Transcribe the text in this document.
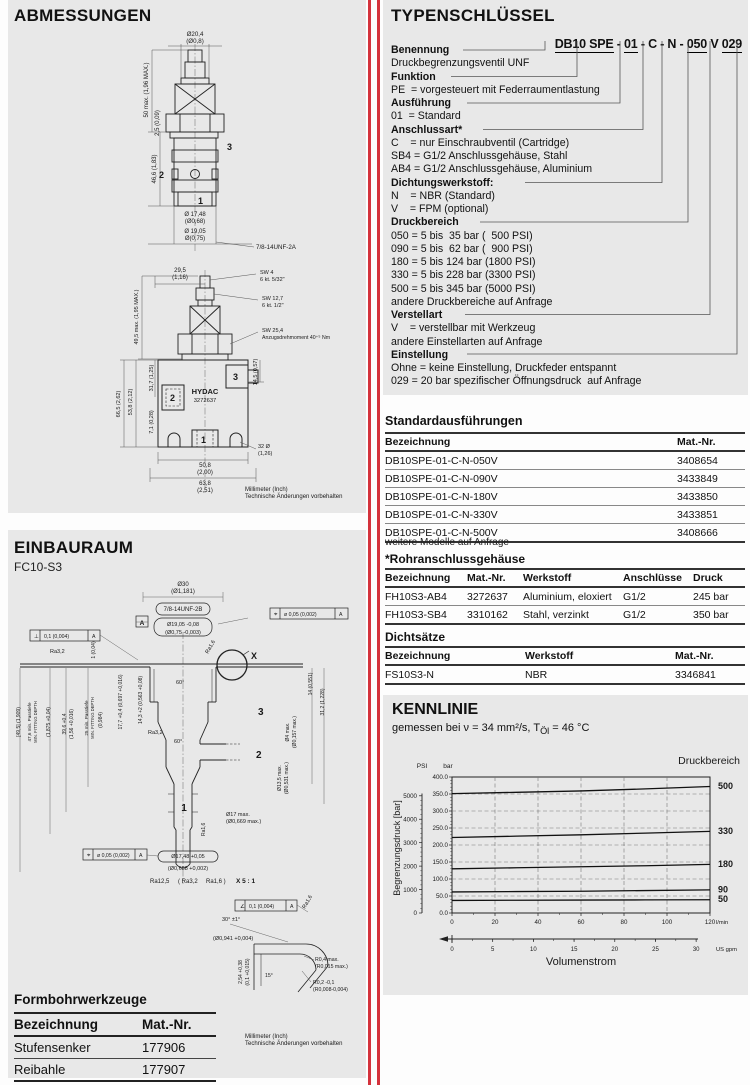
ABMESSUNGEN
Ø20,4
(Ø0,8)
50 max. (1,96 MAX.)
2,5 (0,09)
46,6 (1,83)
3
2
1
Ø 17,48
(Ø0,68)
Ø 19,05
Ø(0,75)
7/8-14UNF-2A
29,5
(1,16)
SW 4
6 kt. 5/32"
SW 12,7
6 kt. 1/2"
SW 25,4
Anzugsdrehmoment 40⁺⁵ Nm
49,5 max. (1,95 MAX.)
31,7 (1,25)
53,8 (2,12)
66,5 (2,62)
7,1 (0,28)
14,5 (0,57)
HYDAC
3272637
2
3
1
32 Ø
(1,26)
50,8
(2,00)
63,8
(2,51)	Millimeter (Inch)
Technische Änderungen vorbehalten
EINBAURAUM
FC10-S3
Ø30
(Ø1,181)
7/8-14UNF-2B
Ø19,05 -0,08
(Ø0,75 -0,003)
⌖ ø 0,05 (0,002)	A
A
⊥ 0,1 (0,004)	A
Ra3,2	1 (0,04)	Ra1,6
X
17,7 +0,4 (0,697 +0,016)	14,3 +2 (0,563 +0,08)	60°	14 (0,551)
31,2 (1,228)
[49,5] (1,909) 47,6 min. Passtiefe MIN. FITTING DEPTH (1,875 +0,04) 39,6 +0,4 (1,56 +0,016) 25 min. Passtiefe MIN. FITTING DEPTH (0,984)
Ra3,2
60°
3
2
Ø4 max. (Ø0,157 max.)
Ø13,5 max. (Ø0,531 max.)
1
Ø17 max.
(Ø0,669 max.)
Ra1,6
⌖ ø 0,05 (0,002) A	Ø17,48 +0,05
(Ø0,688 +0,002)
Ra12,5 ( Ra3,2 Ra1,6 ) X 5 : 1
∠ 0,1 (0,004)	A
30° ±1°
(Ø0,941 +0,004)
Ra1,6
R0,4 max.
(R0,015 max.)
R0,2 -0,1
(R0,008-0,004)
2,54 +0,38 (0,1 +0,015)	15°
Millimeter (Inch)
Technische Änderungen vorbehalten
Formbohrwerkzeuge
Bezeichnung	Mat.-Nr.
Stufensenker	177906
Reibahle	177907
TYPENSCHLÜSSEL

DB10 SPE - 01 - C - N - 050 V 029

Benennung
Druckbegrenzungsventil UNF
Funktion
PE  = vorgesteuert mit Federraumentlastung
Ausführung
01  = Standard
Anschlussart*
C    = nur Einschraubventil (Cartridge)
SB4 = G1/2 Anschlussgehäuse, Stahl
AB4 = G1/2 Anschlussgehäuse, Aluminium
Dichtungswerkstoff:
N    = NBR (Standard)
V    = FPM (optional)
Druckbereich
050 = 5 bis  35 bar (  500 PSI)
090 = 5 bis  62 bar (  900 PSI)
180 = 5 bis 124 bar (1800 PSI)
330 = 5 bis 228 bar (3300 PSI)
500 = 5 bis 345 bar (5000 PSI)
andere Druckbereiche auf Anfrage
Verstellart
V    = verstellbar mit Werkzeug
andere Einstellarten auf Anfrage
Einstellung
Ohne = keine Einstellung, Druckfeder entspannt
029 = 20 bar spezifischer Öffnungsdruck  auf Anfrage
Standardausführungen
Bezeichnung	Mat.-Nr.
DB10SPE-01-C-N-050V	3408654
DB10SPE-01-C-N-090V	3433849
DB10SPE-01-C-N-180V	3433850
DB10SPE-01-C-N-330V	3433851
DB10SPE-01-C-N-500V	3408666
weitere Modelle auf Anfrage
*Rohranschlussgehäuse
Bezeichnung	Mat.-Nr.	Werkstoff	Anschlüsse	Druck
FH10S3-AB4	3272637	Aluminium, eloxiert	G1/2	245 bar
FH10S3-SB4	3310162	Stahl, verzinkt	G1/2	350 bar
Dichtsätze
Bezeichnung	Werkstoff	Mat.-Nr.
FS10S3-N	NBR	3346841
KENNLINIE
gemessen bei ν = 34 mm²/s, $T_{Öl} = 46$ °C
0.0
50.0
100.0
150.0
200.0
250.0
300.0
350.0
400.0
0	20	40	60	80	100	120
0
1000
2000
3000
4000
5000
PSI bar
l/min
0	5	10	15	20	25	30	US gpm
500
330
180
90
50
Druckbereich
Begrenzungsdruck [bar]
Volumenstrom
